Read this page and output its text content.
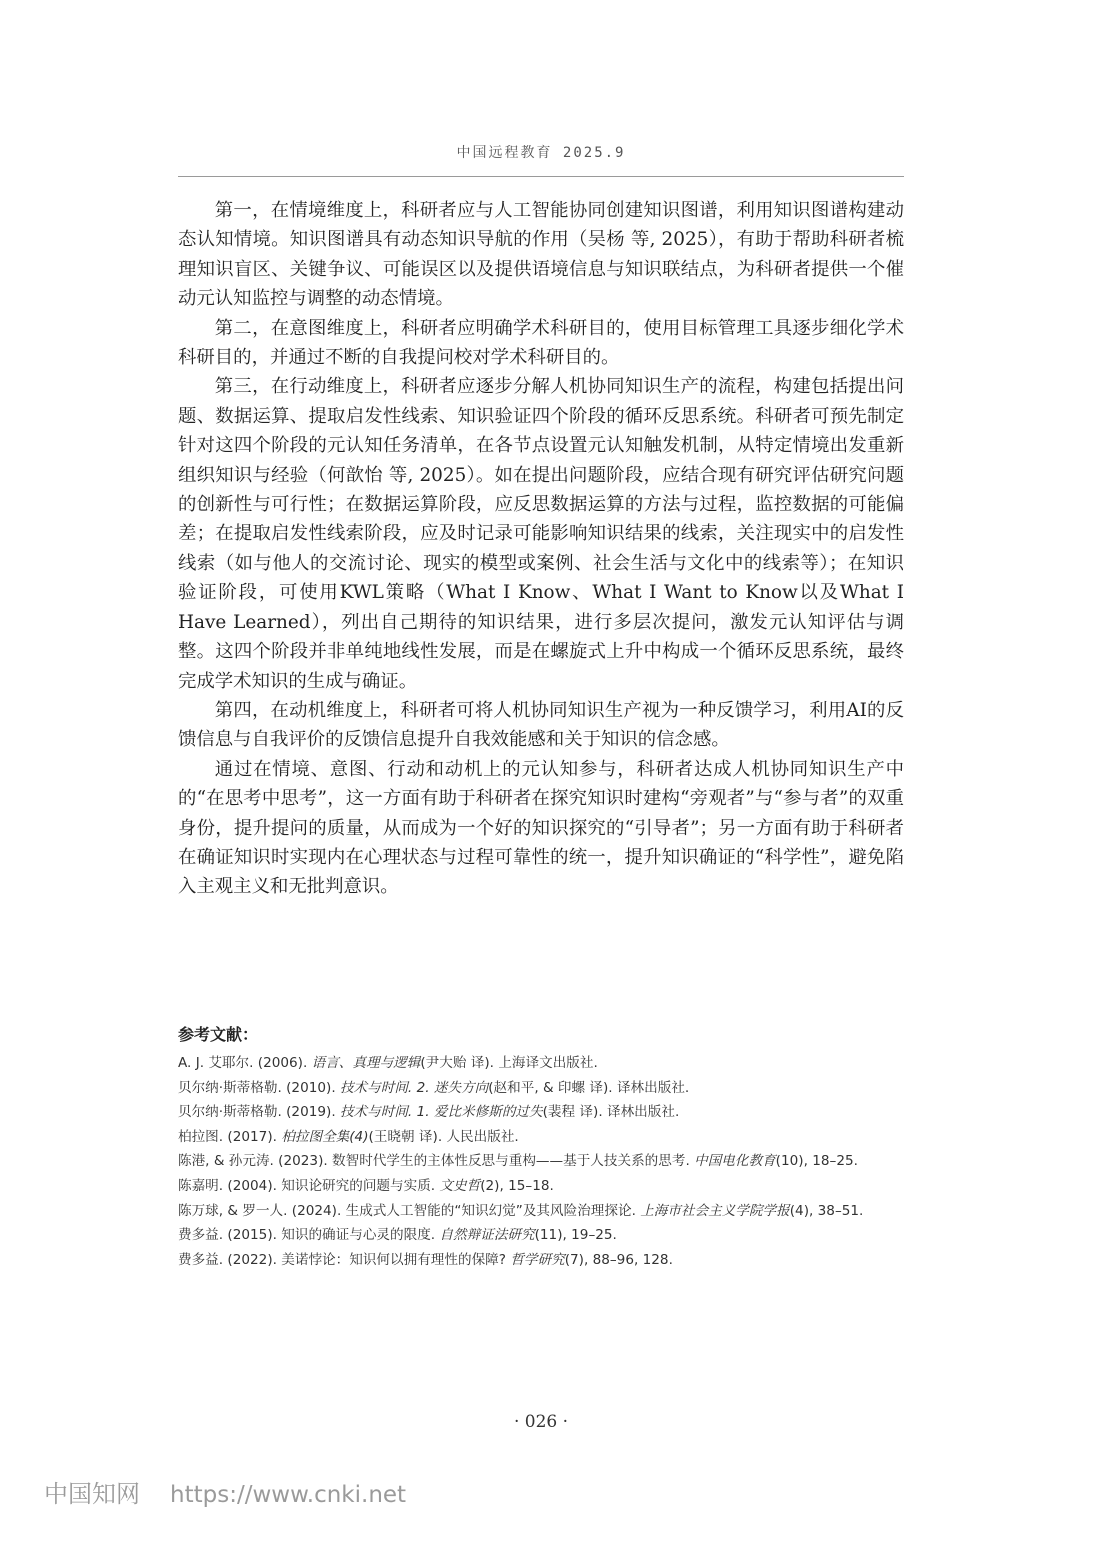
中国远程教育 2025.9

第一，在情境维度上，科研者应与人工智能协同创建知识图谱，利用知识图谱构建动态认知情境。知识图谱具有动态知识导航的作用（吴杨 等, 2025），有助于帮助科研者梳理知识盲区、关键争议、可能误区以及提供语境信息与知识联结点，为科研者提供一个催动元认知监控与调整的动态情境。

第二，在意图维度上，科研者应明确学术科研目的，使用目标管理工具逐步细化学术科研目的，并通过不断的自我提问校对学术科研目的。

第三，在行动维度上，科研者应逐步分解人机协同知识生产的流程，构建包括提出问题、数据运算、提取启发性线索、知识验证四个阶段的循环反思系统。科研者可预先制定针对这四个阶段的元认知任务清单，在各节点设置元认知触发机制，从特定情境出发重新组织知识与经验（何歆怡 等, 2025）。如在提出问题阶段，应结合现有研究评估研究问题的创新性与可行性；在数据运算阶段，应反思数据运算的方法与过程，监控数据的可能偏差；在提取启发性线索阶段，应及时记录可能影响知识结果的线索，关注现实中的启发性线索（如与他人的交流讨论、现实的模型或案例、社会生活与文化中的线索等）；在知识验证阶段，可使用KWL策略（What I Know、What I Want to Know以及What I Have Learned），列出自己期待的知识结果，进行多层次提问，激发元认知评估与调整。这四个阶段并非单纯地线性发展，而是在螺旋式上升中构成一个循环反思系统，最终完成学术知识的生成与确证。

第四，在动机维度上，科研者可将人机协同知识生产视为一种反馈学习，利用AI的反馈信息与自我评价的反馈信息提升自我效能感和关于知识的信念感。

通过在情境、意图、行动和动机上的元认知参与，科研者达成人机协同知识生产中的“在思考中思考”，这一方面有助于科研者在探究知识时建构“旁观者”与“参与者”的双重身份，提升提问的质量，从而成为一个好的知识探究的“引导者”；另一方面有助于科研者在确证知识时实现内在心理状态与过程可靠性的统一，提升知识确证的“科学性”，避免陷入主观主义和无批判意识。

参考文献：
A. J. 艾耶尔. (2006). 语言、真理与逻辑(尹大贻 译). 上海译文出版社.
贝尔纳·斯蒂格勒. (2010). 技术与时间. 2. 迷失方向(赵和平, & 印螺 译). 译林出版社.
贝尔纳·斯蒂格勒. (2019). 技术与时间. 1. 爱比米修斯的过失(裴程 译). 译林出版社.
柏拉图. (2017). 柏拉图全集(4)(王晓朝 译). 人民出版社.
陈港, & 孙元涛. (2023). 数智时代学生的主体性反思与重构——基于人技关系的思考. 中国电化教育(10), 18–25.
陈嘉明. (2004). 知识论研究的问题与实质. 文史哲(2), 15–18.
陈万球, & 罗一人. (2024). 生成式人工智能的“知识幻觉”及其风险治理探论. 上海市社会主义学院学报(4), 38–51.
费多益. (2015). 知识的确证与心灵的限度. 自然辩证法研究(11), 19–25.
费多益. (2022). 美诺悖论：知识何以拥有理性的保障? 哲学研究(7), 88–96, 128.
· 026 ·
中国知网 https://www.cnki.net
